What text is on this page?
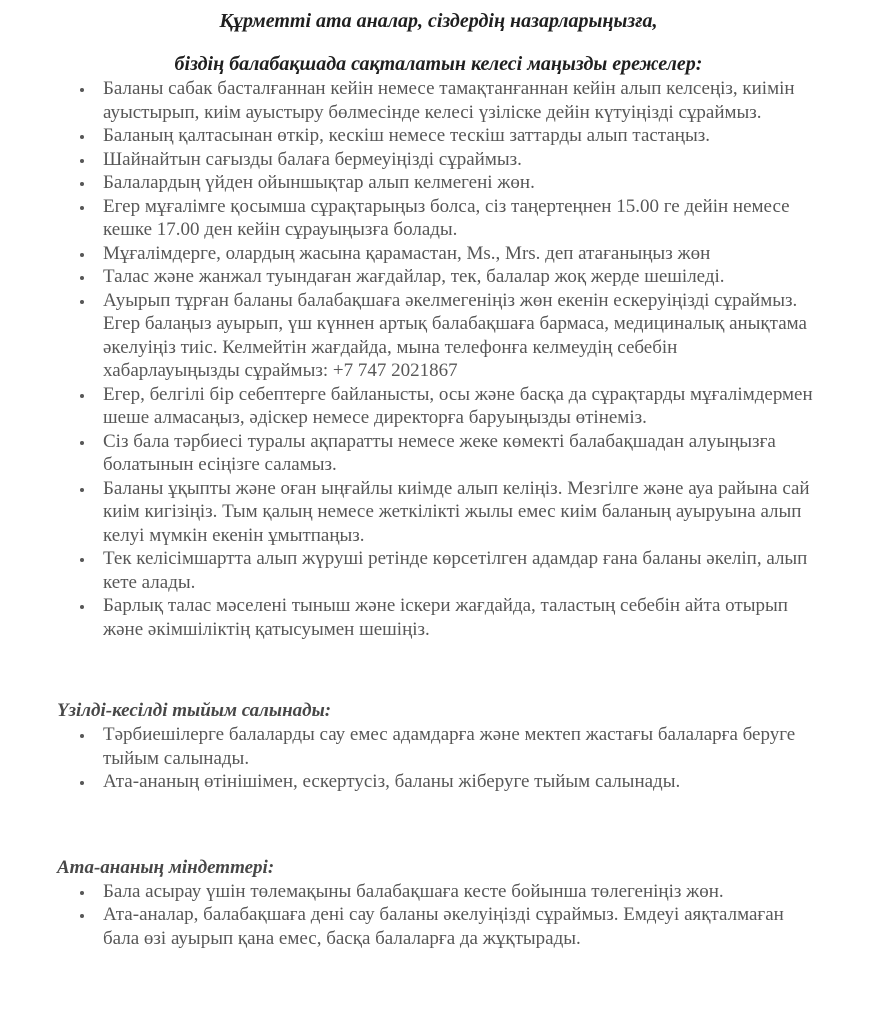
Құрметті ата аналар, сіздердің назарларыңызға,
біздің балабақшада сақталатын келесі маңызды ережелер:
• Баланы сабак басталғаннан кейін немесе тамақтанғаннан кейін алып келсеңіз, киімін ауыстырып, киім ауыстыру бөлмесінде келесі үзіліске дейін күтуіңізді сұраймыз.
• Баланың қалтасынан өткір, кескіш немесе тескіш заттарды алып тастаңыз.
• Шайнайтын сағызды балаға бермеуіңізді сұраймыз.
• Балалардың үйден ойыншықтар алып келмегені жөн.
• Егер мұғалімге қосымша сұрақтарыңыз болса, сіз таңертеңнен 15.00 ге дейін немесе кешке 17.00 ден кейін сұрауыңызға болады.
• Мұғалімдерге, олардың жасына қарамастан, Ms., Mrs. деп атағаныңыз жөн
• Талас және жанжал туындаған жағдайлар, тек, балалар жоқ жерде шешіледі.
• Ауырып тұрған баланы балабақшаға әкелмегеніңіз жөн екенін ескеруіңізді сұраймыз. Егер балаңыз ауырып, үш күннен артық балабақшаға бармаса, медициналық анықтама әкелуіңіз тиіс. Келмейтін жағдайда, мына телефонға келмеудің себебін хабарлауыңызды сұраймыз: +7 747 2021867
• Егер, белгілі бір себептерге байланысты, осы және басқа да сұрақтарды мұғалімдермен шеше алмасаңыз, әдіскер немесе директорға баруыңызды өтінеміз.
• Сіз бала тәрбиесі туралы ақпаратты немесе жеке көмекті балабақшадан алуыңызға болатынын есіңізге саламыз.
• Баланы ұқыпты және оған ыңғайлы киімде алып келіңіз. Мезгілге және ауа райына сай киім кигізіңіз. Тым қалың немесе жеткілікті жылы емес киім баланың ауыруына алып келуі мүмкін екенін ұмытпаңыз.
• Тек келісімшартта алып жүруші ретінде көрсетілген адамдар ғана баланы әкеліп, алып кете алады.
• Барлық талас мәселені тыныш және іскери жағдайда, таластың себебін айта отырып және әкімшіліктің қатысуымен шешіңіз.
Үзілді-кесілді тыйым салынады:
• Тәрбиешілерге балаларды сау емес адамдарға және мектеп жастағы балаларға беруге тыйым салынады.
• Ата-ананың өтінішімен, ескертусіз, баланы жіберуге тыйым салынады.
Ата-ананың міндеттері:
• Бала асырау үшін төлемақыны балабақшаға кесте бойынша төлегеніңіз жөн.
• Ата-аналар, балабақшаға дені сау баланы әкелуіңізді сұраймыз. Емдеуі аяқталмаған бала өзі ауырып қана емес, басқа балаларға да жұқтырады.
